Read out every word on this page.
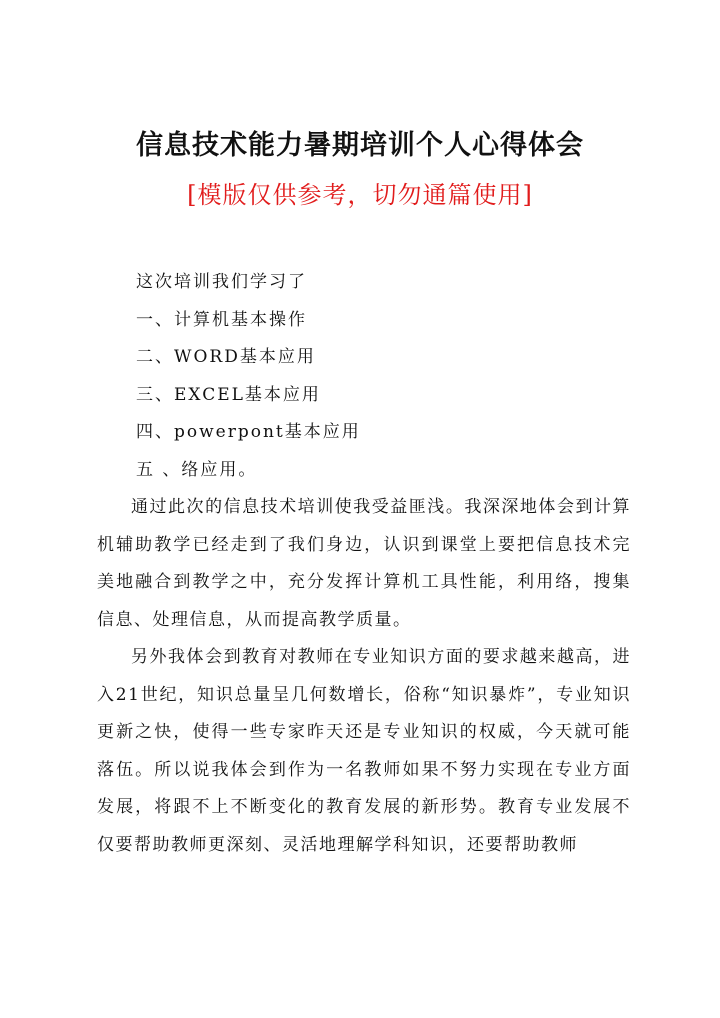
信息技术能力暑期培训个人心得体会
[模版仅供参考，切勿通篇使用]
这次培训我们学习了
一、计算机基本操作
二、WORD基本应用
三、EXCEL基本应用
四、powerpont基本应用
五 、络应用。

通过此次的信息技术培训使我受益匪浅。我深深地体会到计算机辅助教学已经走到了我们身边，认识到课堂上要把信息技术完美地融合到教学之中，充分发挥计算机工具性能，利用络，搜集信息、处理信息，从而提高教学质量。

另外我体会到教育对教师在专业知识方面的要求越来越高，进入21世纪，知识总量呈几何数增长，俗称“知识暴炸”，专业知识更新之快，使得一些专家昨天还是专业知识的权威，今天就可能落伍。所以说我体会到作为一名教师如果不努力实现在专业方面发展，将跟不上不断变化的教育发展的新形势。教育专业发展不仅要帮助教师更深刻、灵活地理解学科知识，还要帮助教师
